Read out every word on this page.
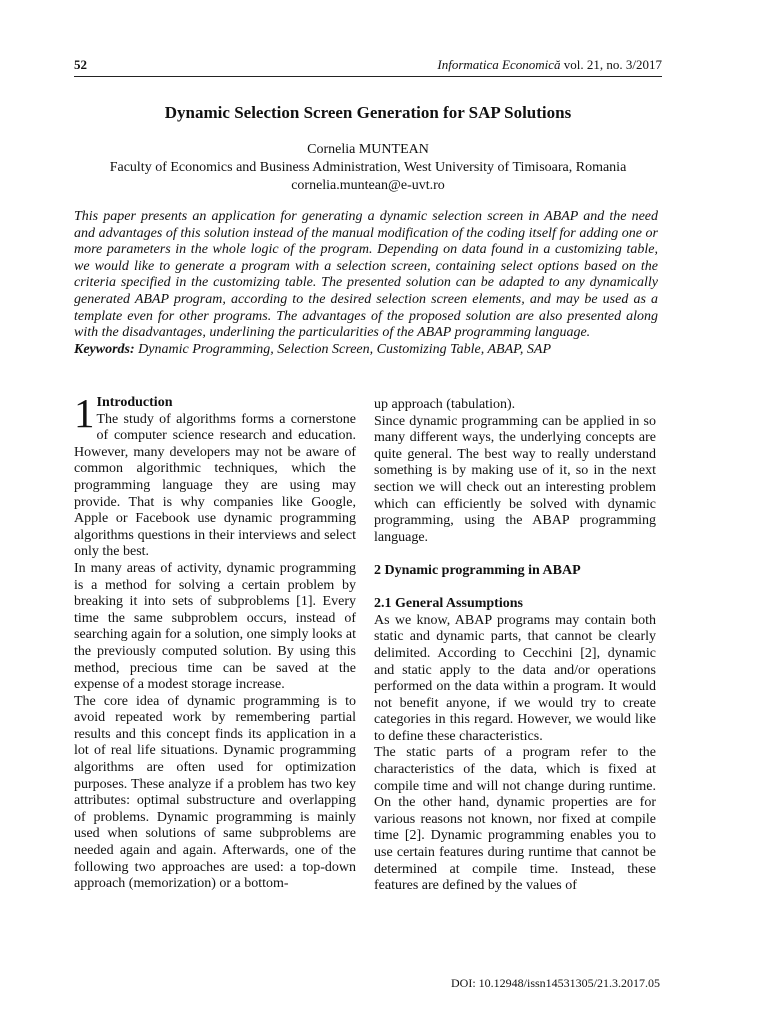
52	Informatica Economică vol. 21, no. 3/2017
Dynamic Selection Screen Generation for SAP Solutions
Cornelia MUNTEAN
Faculty of Economics and Business Administration, West University of Timisoara, Romania
cornelia.muntean@e-uvt.ro
This paper presents an application for generating a dynamic selection screen in ABAP and the need and advantages of this solution instead of the manual modification of the coding itself for adding one or more parameters in the whole logic of the program. Depending on data found in a customizing table, we would like to generate a program with a selection screen, containing select options based on the criteria specified in the customizing table. The presented solution can be adapted to any dynamically generated ABAP program, according to the desired selection screen elements, and may be used as a template even for other programs. The advantages of the proposed solution are also presented along with the disadvantages, underlining the particularities of the ABAP programming language.
Keywords: Dynamic Programming, Selection Screen, Customizing Table, ABAP, SAP

1 Introduction
The study of algorithms forms a cornerstone of computer science research and education. However, many developers may not be aware of common algorithmic techniques, which the programming language they are using may provide. That is why companies like Google, Apple or Facebook use dynamic programming algorithms questions in their interviews and select only the best.

In many areas of activity, dynamic programming is a method for solving a certain problem by breaking it into sets of subproblems [1]. Every time the same subproblem occurs, instead of searching again for a solution, one simply looks at the previously computed solution. By using this method, precious time can be saved at the expense of a modest storage increase.

The core idea of dynamic programming is to avoid repeated work by remembering partial results and this concept finds its application in a lot of real life situations. Dynamic programming algorithms are often used for optimization purposes. These analyze if a problem has two key attributes: optimal substructure and overlapping of problems. Dynamic programming is mainly used when solutions of same subproblems are needed again and again. Afterwards, one of the following two approaches are used: a top-down approach (memorization) or a bottom-

up approach (tabulation).

Since dynamic programming can be applied in so many different ways, the underlying concepts are quite general. The best way to really understand something is by making use of it, so in the next section we will check out an interesting problem which can efficiently be solved with dynamic programming, using the ABAP programming language.

2 Dynamic programming in ABAP

2.1 General Assumptions

As we know, ABAP programs may contain both static and dynamic parts, that cannot be clearly delimited. According to Cecchini [2], dynamic and static apply to the data and/or operations performed on the data within a program. It would not benefit anyone, if we would try to create categories in this regard. However, we would like to define these characteristics.

The static parts of a program refer to the characteristics of the data, which is fixed at compile time and will not change during runtime. On the other hand, dynamic properties are for various reasons not known, nor fixed at compile time [2]. Dynamic programming enables you to use certain features during runtime that cannot be determined at compile time. Instead, these features are defined by the values of

DOI: 10.12948/issn14531305/21.3.2017.05
